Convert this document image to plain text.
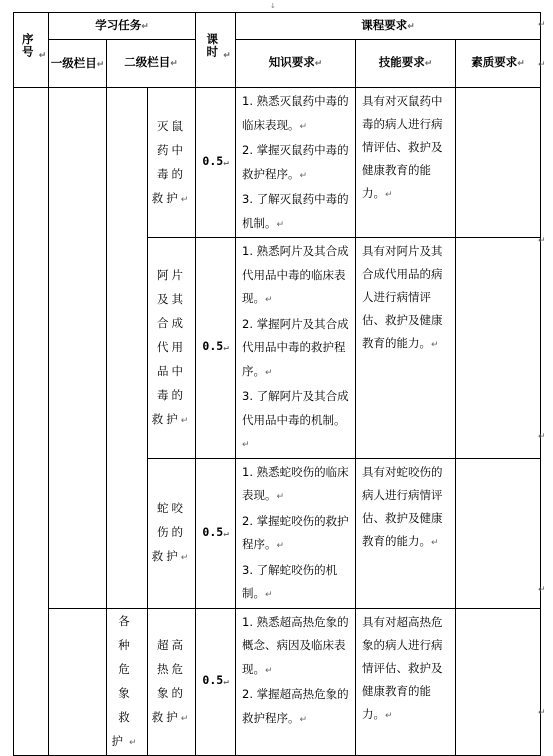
↓
序号 ↵	学习任务↵			课时 ↵	课程要求↵		
	一级栏目↵	二级栏目↵			知识要求↵	技能要求↵	素质要求↵
			灭鼠药中毒的救护↵	0.5↵	1. 熟悉灭鼠药中毒的临床表现。↵
2. 掌握灭鼠药中毒的救护程序。↵
3. 了解灭鼠药中毒的机制。↵	具有对灭鼠药中毒的病人进行病情评估、救护及健康教育的能力。↵	
			阿片及其合成代用品中毒的救护↵	0.5↵	1. 熟悉阿片及其合成代用品中毒的临床表现。↵
2. 掌握阿片及其合成代用品中毒的救护程序。↵
3. 了解阿片及其合成代用品中毒的机制。↵	具有对阿片及其合成代用品的病人进行病情评估、救护及健康教育的能力。↵	
			蛇咬伤的救护↵	0.5↵	1. 熟悉蛇咬伤的临床表现。↵
2. 掌握蛇咬伤的救护程序。↵
3. 了解蛇咬伤的机制。↵	具有对蛇咬伤的病人进行病情评估、救护及健康教育的能力。↵	
		各种危象救护↵	超高热危象的救护↵	0.5↵	1. 熟悉超高热危象的概念、病因及临床表现。↵
2. 掌握超高热危象的救护程序。↵	具有对超高热危象的病人进行病情评估、救护及健康教育的能力。↵	
↵
↵
↵
↵
↵
↵
